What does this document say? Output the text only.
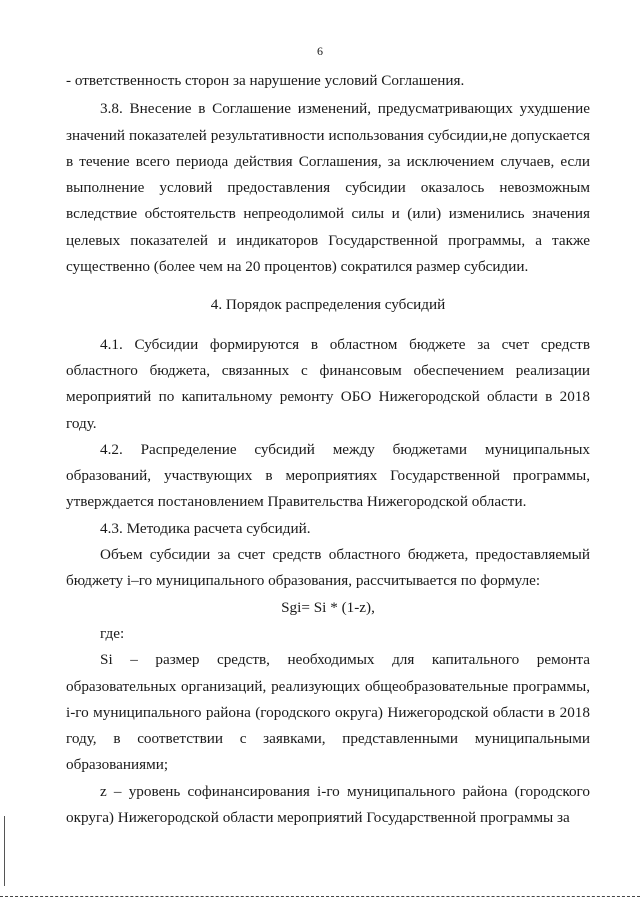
6

- ответственность сторон за нарушение условий Соглашения.

3.8. Внесение в Соглашение изменений, предусматривающих ухудшение значений показателей результативности использования субсидии,не допускается в течение всего периода действия Соглашения, за исключением случаев, если выполнение условий предоставления субсидии оказалось невозможным вследствие обстоятельств непреодолимой силы и (или) изменились значения целевых показателей и индикаторов Государственной программы, а также существенно (более чем на 20 процентов) сократился размер субсидии.

4. Порядок распределения субсидий

4.1. Субсидии формируются в областном бюджете за счет средств областного бюджета, связанных с финансовым обеспечением реализации мероприятий по капитальному ремонту ОБО Нижегородской области в 2018 году.

4.2. Распределение субсидий между бюджетами муниципальных образований, участвующих в мероприятиях Государственной программы, утверждается постановлением Правительства Нижегородской области.

4.3. Методика расчета субсидий.

Объем субсидии за счет средств областного бюджета, предоставляемый бюджету i–го муниципального образования, рассчитывается по формуле:

Sgi= Si * (1-z),

где:

Si – размер средств, необходимых для капитального ремонта образовательных организаций, реализующих общеобразовательные программы, i-го муниципального района (городского округа) Нижегородской области в 2018 году, в соответствии с заявками, представленными муниципальными образованиями;

z – уровень софинансирования i-го муниципального района (городского округа) Нижегородской области мероприятий Государственной программы за
